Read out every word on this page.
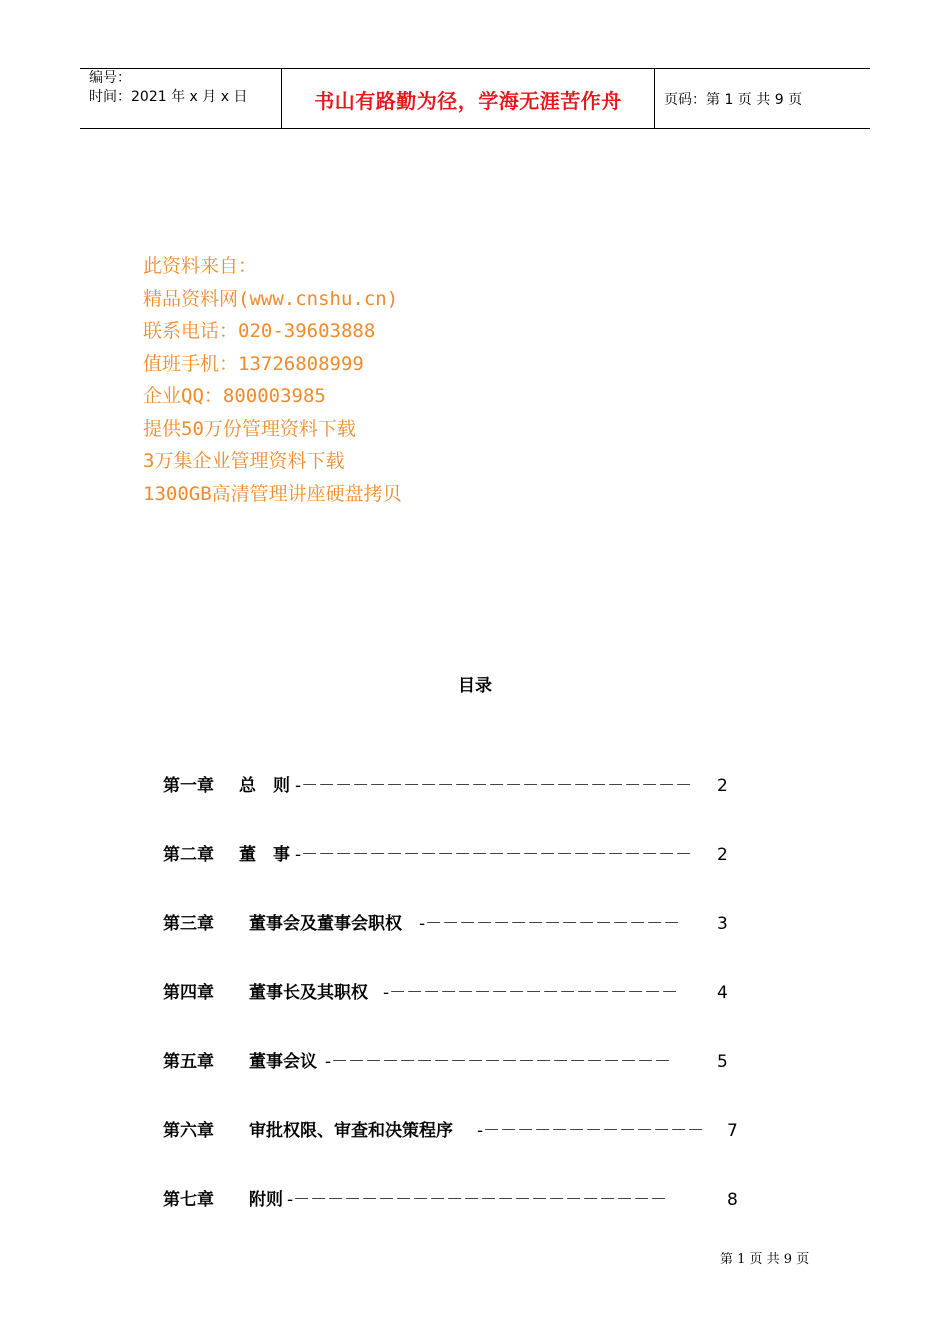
编号：
时间：2021 年 x 月 x 日	书山有路勤为径，学海无涯苦作舟	页码：第 1 页 共 9 页
此资料来自：
精品资料网(www.cnshu.cn)
联系电话：020-39603888
值班手机：13726808999
企业QQ：800003985
提供50万份管理资料下载
3万集企业管理资料下载
1300GB高清管理讲座硬盘拷贝
目录
第一章 总　则 -－－－－－－－－－－－－－－－－－－－－－－－	2
第二章 董　事 -－－－－－－－－－－－－－－－－－－－－－－－	2
第三章 董事会及董事会职权 -－－－－－－－－－－－－－－－	3
第四章 董事长及其职权 -－－－－－－－－－－－－－－－－－	4
第五章 董事会议 -－－－－－－－－－－－－－－－－－－－－	5
第六章 审批权限、审查和决策程序 -－－－－－－－－－－－－－	7
第七章 附则 -－－－－－－－－－－－－－－－－－－－－－－	8
第 1 页 共 9 页
